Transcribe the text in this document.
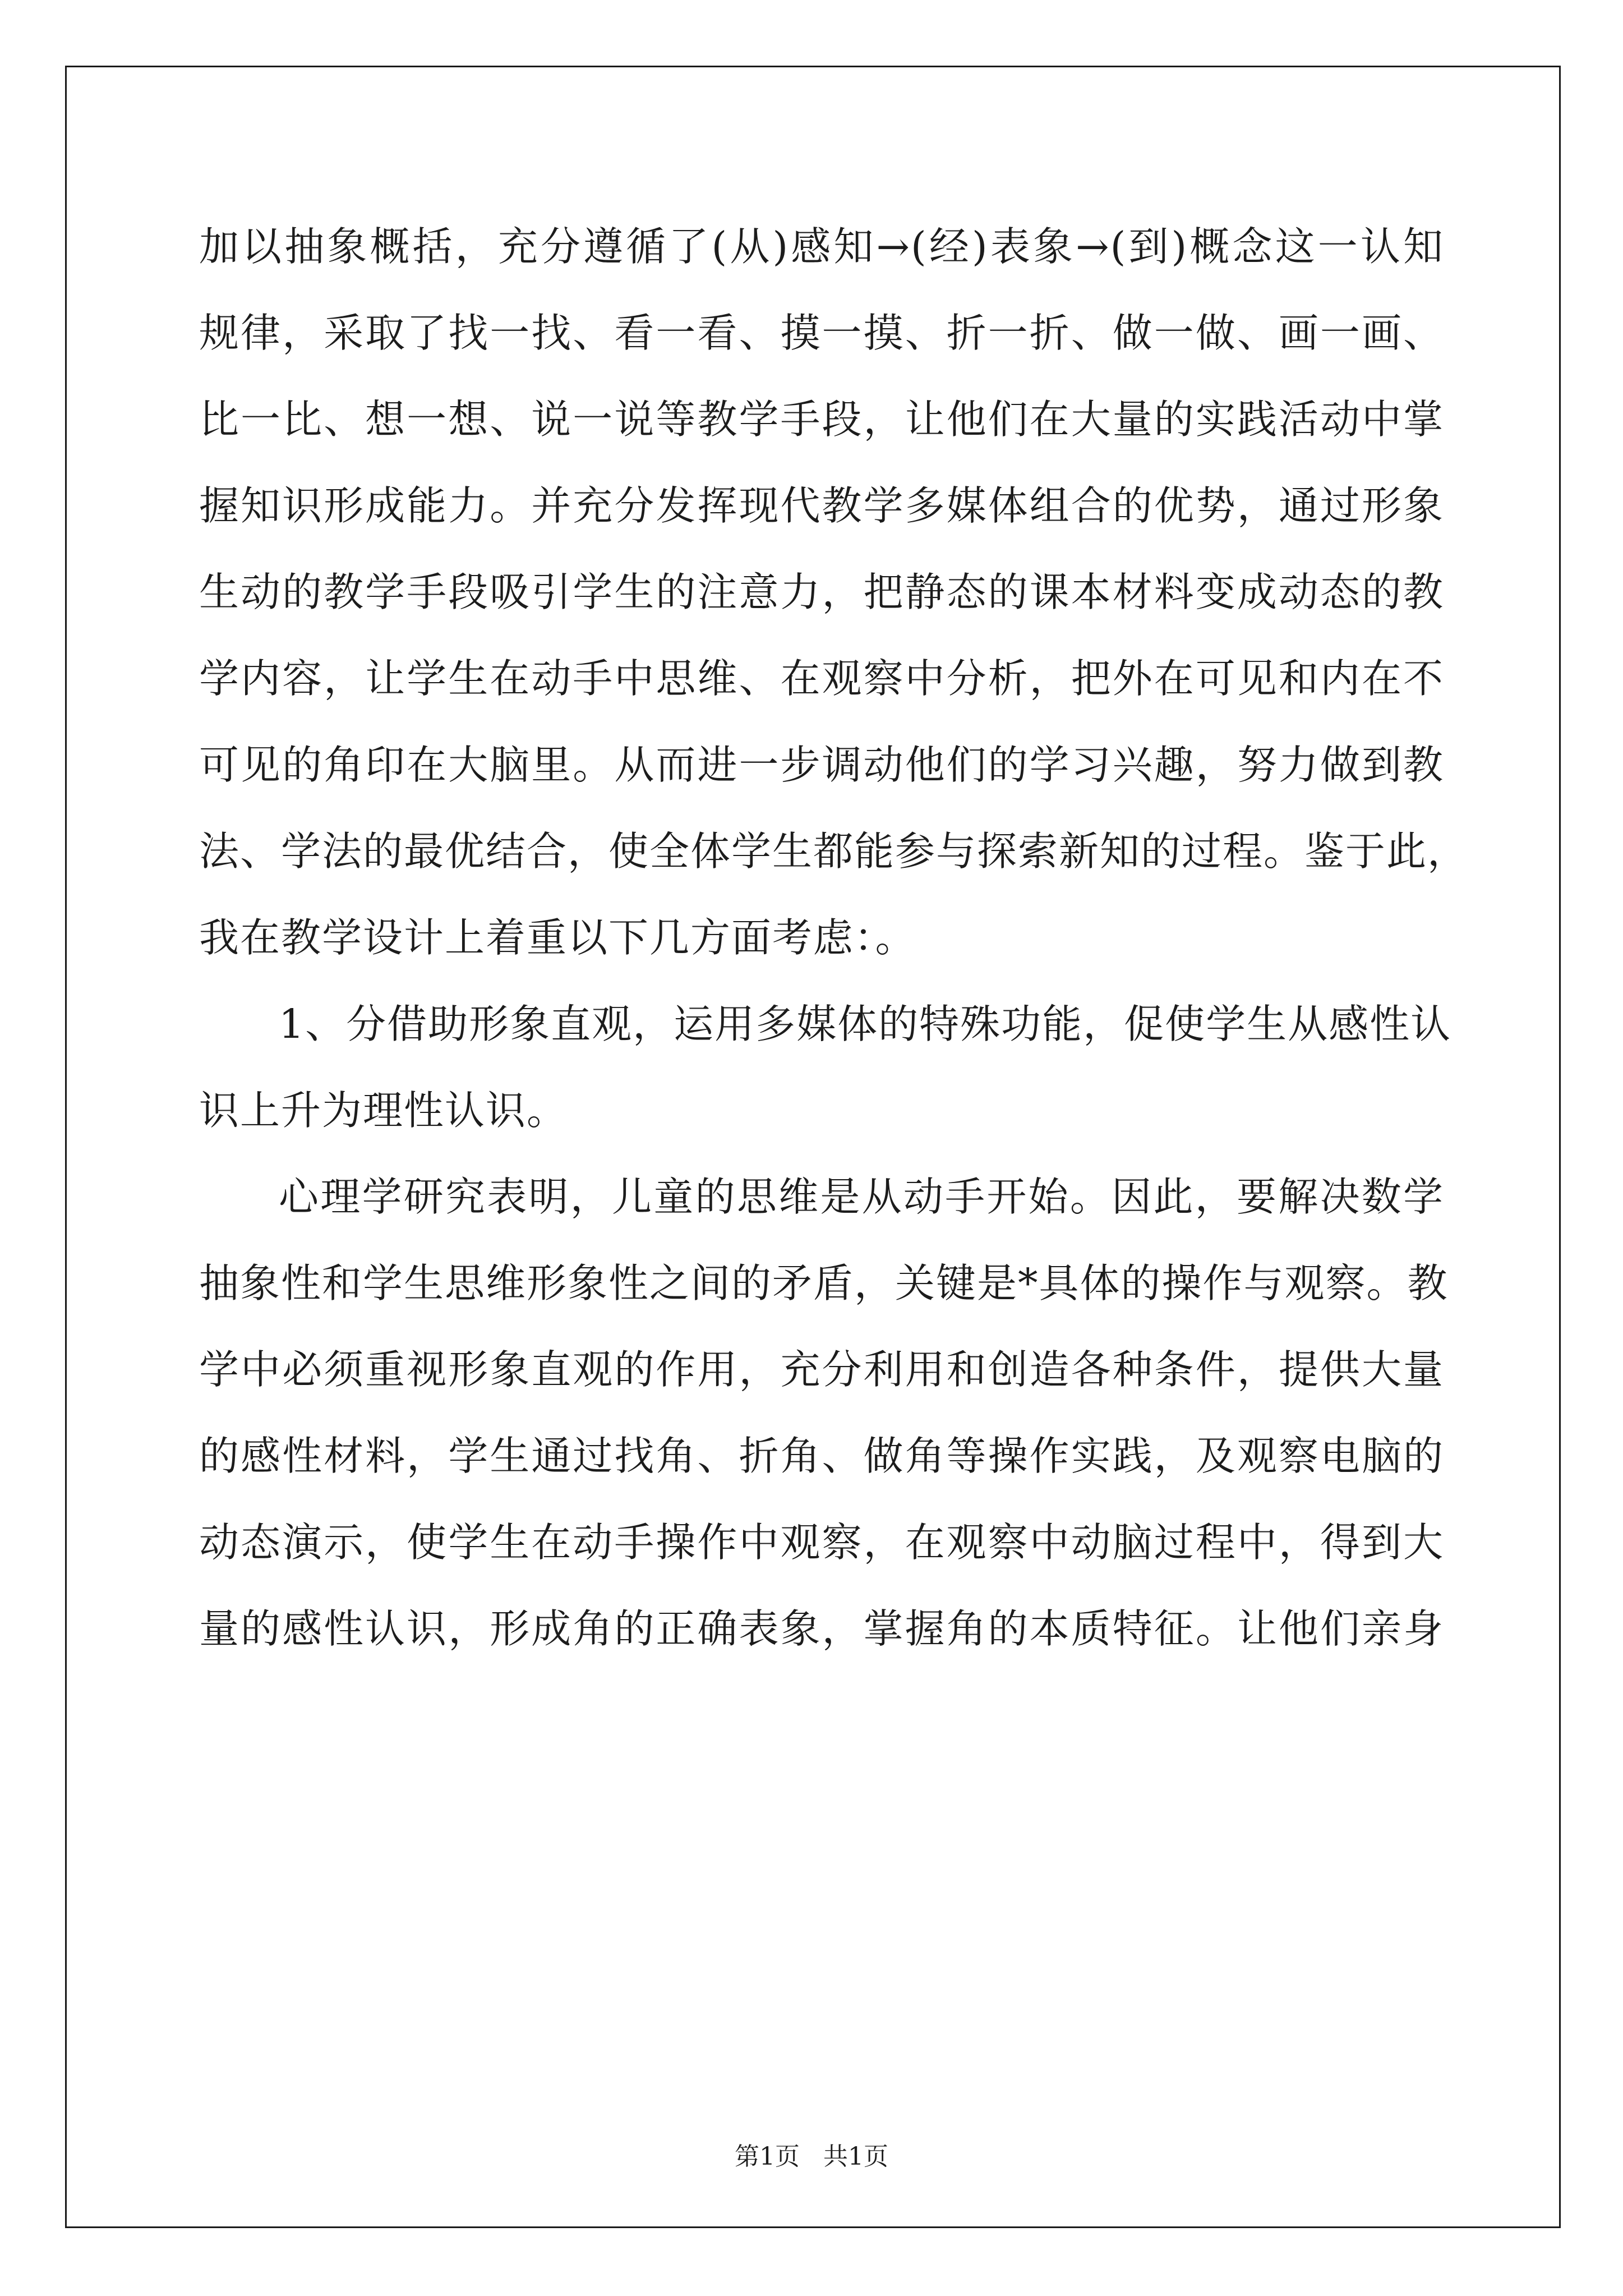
加以抽象概括，充分遵循了(从)感知→(经)表象→(到)概念这一认知
规律，采取了找一找、看一看、摸一摸、折一折、做一做、画一画、
比一比、想一想、说一说等教学手段，让他们在大量的实践活动中掌
握知识形成能力。并充分发挥现代教学多媒体组合的优势，通过形象
生动的教学手段吸引学生的注意力，把静态的课本材料变成动态的教
学内容，让学生在动手中思维、在观察中分析，把外在可见和内在不
可见的角印在大脑里。从而进一步调动他们的学习兴趣，努力做到教
法、学法的最优结合，使全体学生都能参与探索新知的过程。鉴于此，
我在教学设计上着重以下几方面考虑：。
1、分借助形象直观，运用多媒体的特殊功能，促使学生从感性认
识上升为理性认识。
心理学研究表明，儿童的思维是从动手开始。因此，要解决数学
抽象性和学生思维形象性之间的矛盾，关键是*具体的操作与观察。教
学中必须重视形象直观的作用，充分利用和创造各种条件，提供大量
的感性材料，学生通过找角、折角、做角等操作实践，及观察电脑的
动态演示，使学生在动手操作中观察，在观察中动脑过程中，得到大
量的感性认识，形成角的正确表象，掌握角的本质特征。让他们亲身
第1页   共1页
